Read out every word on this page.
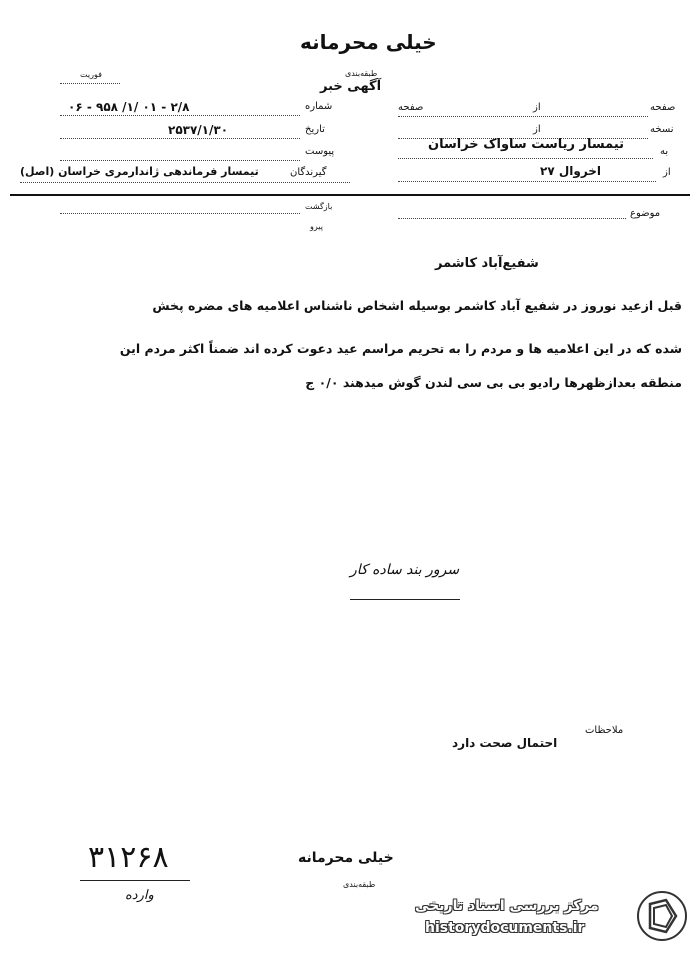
خیلی محرمانه
طبقه‌بندی
آگهی خبر
فوریت
شماره
۲/۸ - ۰۱ /۱/ ۹۵۸ - ۰۶
تاریخ
۲۵۳۷/۱/۳۰
پیوست
گیرندگان
تیمسار فرماندهی ژاندارمری خراسان (اصل)
صفحه
از
صفحه
نسخه
از
به
تیمسار ریاست ساواک خراسان
از
اخروال ۲۷
بازگشت
پیرو
موضوع
شفیع‌آباد کاشمر
قبل ازعید نوروز در شفیع آباد کاشمر بوسیله اشخاص ناشناس اعلامیه های مضره پخش
شده که در این اعلامیه ها و مردم را به تحریم مراسم عید دعوت کرده اند ضمناً اکثر مردم این
منطقه بعدازظهرها رادیو بی بی سی لندن گوش میدهند ۰/۰ ج
سرور بند ساده کار
ملاحظات
احتمال صحت دارد
۳۱۲۶۸
وارده
خیلی محرمانه
طبقه‌بندی
مرکز بررسی اسناد تاریخی
historydocuments.ir
